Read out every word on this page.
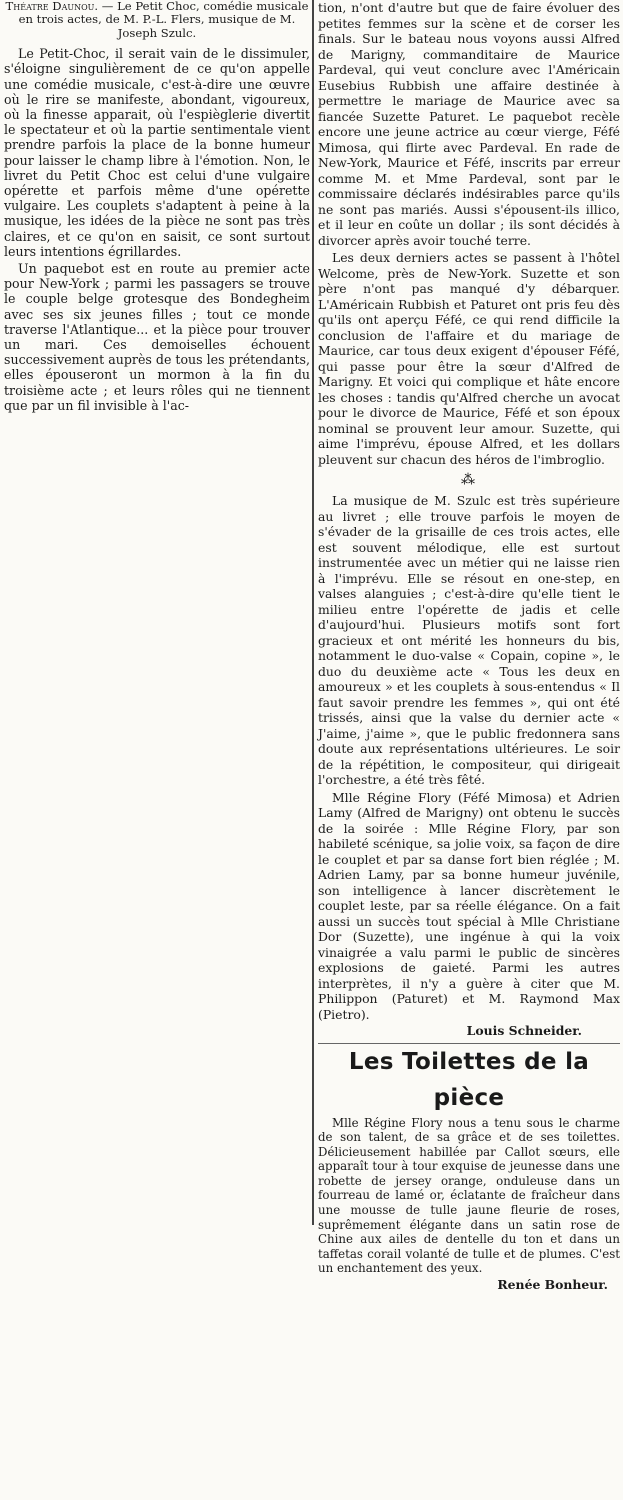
Théatre Daunou. — Le Petit Choc, comédie musicale en trois actes, de M. P.-L. Flers, musique de M. Joseph Szulc.

Le Petit-Choc, il serait vain de le dissimuler, s'éloigne singulièrement de ce qu'on appelle une comédie musicale, c'est-à-dire une œuvre où le rire se manifeste, abondant, vigoureux, où la finesse apparait, où l'espièglerie divertit le spectateur et où la partie sentimentale vient prendre parfois la place de la bonne humeur pour laisser le champ libre à l'émotion. Non, le livret du Petit Choc est celui d'une vulgaire opérette et parfois même d'une opérette vulgaire. Les couplets s'adaptent à peine à la musique, les idées de la pièce ne sont pas très claires, et ce qu'on en saisit, ce sont surtout leurs intentions égrillardes.

Un paquebot est en route au premier acte pour New-York ; parmi les passagers se trouve le couple belge grotesque des Bondegheim avec ses six jeunes filles ; tout ce monde traverse l'Atlantique... et la pièce pour trouver un mari. Ces demoiselles échouent successivement auprès de tous les prétendants, elles épouseront un mormon à la fin du troisième acte ; et leurs rôles qui ne tiennent que par un fil invisible à l'ac-

tion, n'ont d'autre but que de faire évoluer des petites femmes sur la scène et de corser les finals. Sur le bateau nous voyons aussi Alfred de Marigny, commanditaire de Maurice Pardeval, qui veut conclure avec l'Américain Eusebius Rubbish une affaire destinée à permettre le mariage de Maurice avec sa fiancée Suzette Paturet. Le paquebot recèle encore une jeune actrice au cœur vierge, Féfé Mimosa, qui flirte avec Pardeval. En rade de New-York, Maurice et Féfé, inscrits par erreur comme M. et Mme Pardeval, sont par le commissaire déclarés indésirables parce qu'ils ne sont pas mariés. Aussi s'épousent-ils illico, et il leur en coûte un dollar ; ils sont décidés à divorcer après avoir touché terre.

Les deux derniers actes se passent à l'hôtel Welcome, près de New-York. Suzette et son père n'ont pas manqué d'y débarquer. L'Américain Rubbish et Paturet ont pris feu dès qu'ils ont aperçu Féfé, ce qui rend difficile la conclusion de l'affaire et du mariage de Maurice, car tous deux exigent d'épouser Féfé, qui passe pour être la sœur d'Alfred de Marigny. Et voici qui complique et hâte encore les choses : tandis qu'Alfred cherche un avocat pour le divorce de Maurice, Féfé et son époux nominal se prouvent leur amour. Suzette, qui aime l'imprévu, épouse Alfred, et les dollars pleuvent sur chacun des héros de l'imbroglio.

⁂

La musique de M. Szulc est très supérieure au livret ; elle trouve parfois le moyen de s'évader de la grisaille de ces trois actes, elle est souvent mélodique, elle est surtout instrumentée avec un métier qui ne laisse rien à l'imprévu. Elle se résout en one-step, en valses alanguies ; c'est-à-dire qu'elle tient le milieu entre l'opérette de jadis et celle d'aujourd'hui. Plusieurs motifs sont fort gracieux et ont mérité les honneurs du bis, notamment le duo-valse « Copain, copine », le duo du deuxième acte « Tous les deux en amoureux » et les couplets à sous-entendus « Il faut savoir prendre les femmes », qui ont été trissés, ainsi que la valse du dernier acte « J'aime, j'aime », que le public fredonnera sans doute aux représentations ultérieures. Le soir de la répétition, le compositeur, qui dirigeait l'orchestre, a été très fêté.

Mlle Régine Flory (Féfé Mimosa) et Adrien Lamy (Alfred de Marigny) ont obtenu le succès de la soirée : Mlle Régine Flory, par son habileté scénique, sa jolie voix, sa façon de dire le couplet et par sa danse fort bien réglée ; M. Adrien Lamy, par sa bonne humeur juvénile, son intelligence à lancer discrètement le couplet leste, par sa réelle élégance. On a fait aussi un succès tout spécial à Mlle Christiane Dor (Suzette), une ingénue à qui la voix vinaigrée a valu parmi le public de sincères explosions de gaieté. Parmi les autres interprètes, il n'y a guère à citer que M. Philippon (Paturet) et M. Raymond Max (Pietro).

Louis Schneider.

Les Toilettes de la pièce

Mlle Régine Flory nous a tenu sous le charme de son talent, de sa grâce et de ses toilettes. Délicieusement habillée par Callot sœurs, elle apparaît tour à tour exquise de jeunesse dans une robette de jersey orange, onduleuse dans un fourreau de lamé or, éclatante de fraîcheur dans une mousse de tulle jaune fleurie de roses, suprêmement élégante dans un satin rose de Chine aux ailes de dentelle du ton et dans un taffetas corail volanté de tulle et de plumes. C'est un enchantement des yeux.

Renée Bonheur.
